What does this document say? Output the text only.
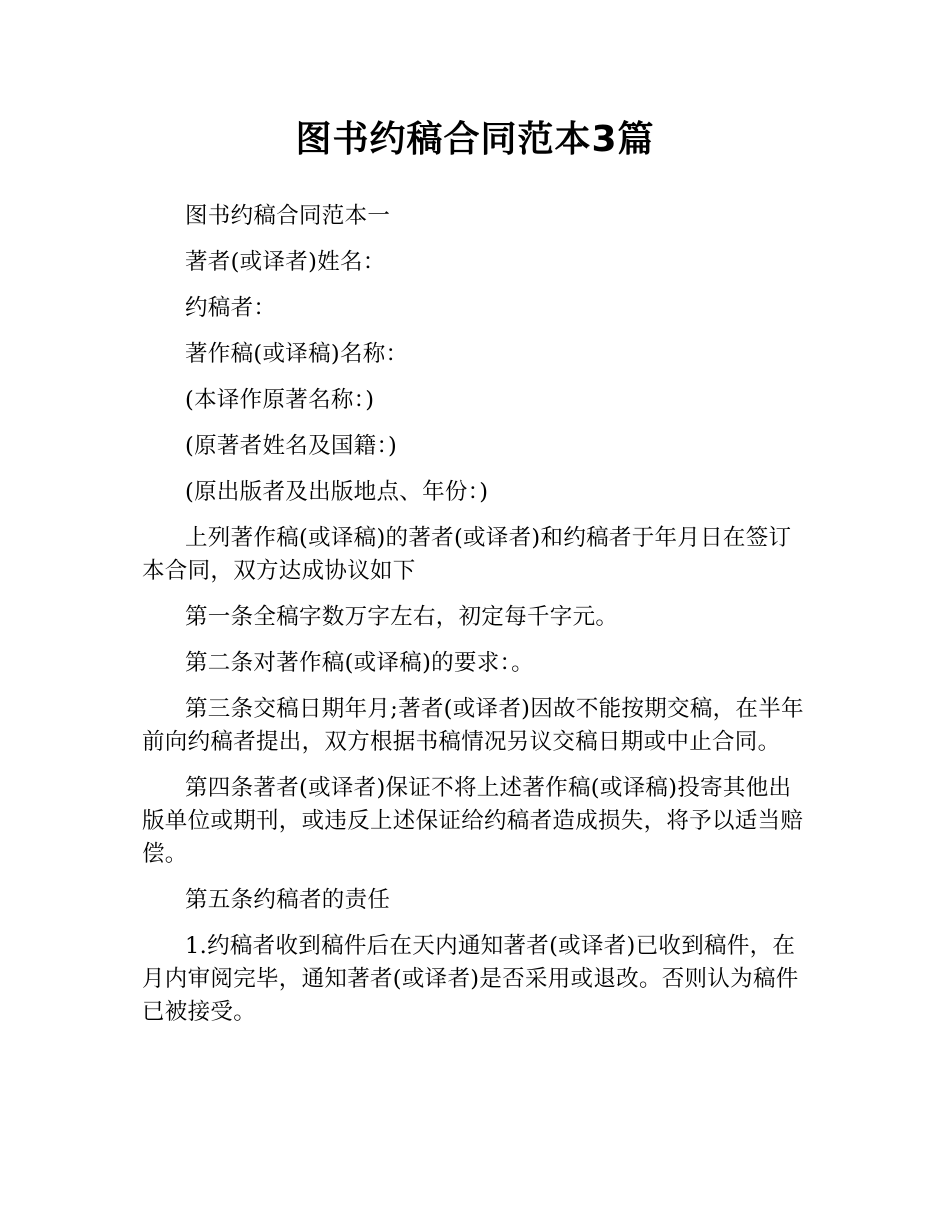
图书约稿合同范本3篇

图书约稿合同范本一

著者(或译者)姓名：

约稿者：

著作稿(或译稿)名称：

(本译作原著名称：)

(原著者姓名及国籍：)

(原出版者及出版地点、年份：)

上列著作稿(或译稿)的著者(或译者)和约稿者于年月日在签订本合同，双方达成协议如下

第一条全稿字数万字左右，初定每千字元。

第二条对著作稿(或译稿)的要求：。

第三条交稿日期年月;著者(或译者)因故不能按期交稿，在半年前向约稿者提出，双方根据书稿情况另议交稿日期或中止合同。

第四条著者(或译者)保证不将上述著作稿(或译稿)投寄其他出版单位或期刊，或违反上述保证给约稿者造成损失，将予以适当赔偿。

第五条约稿者的责任

1.约稿者收到稿件后在天内通知著者(或译者)已收到稿件，在月内审阅完毕，通知著者(或译者)是否采用或退改。否则认为稿件已被接受。
